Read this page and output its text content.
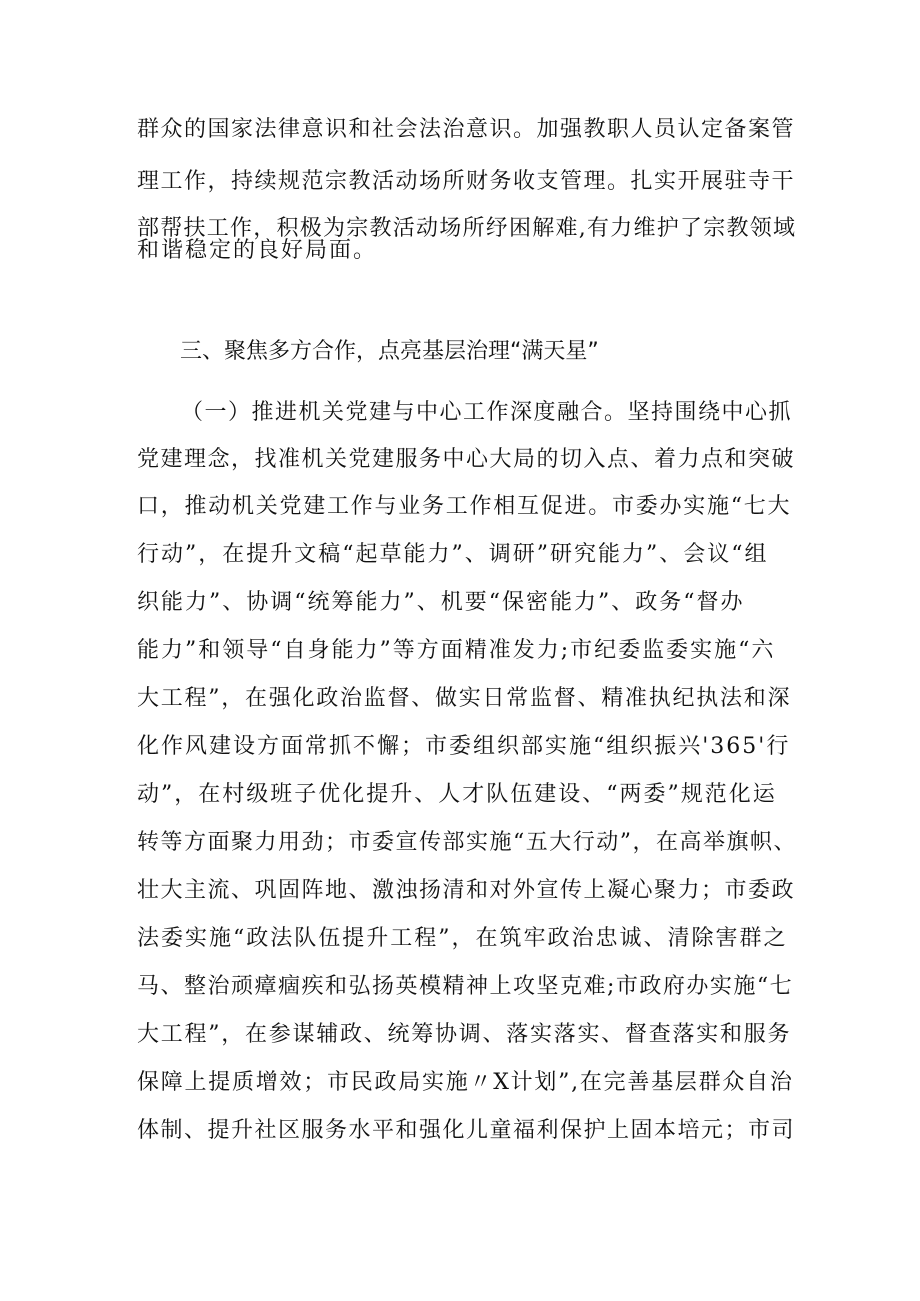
群众的国家法律意识和社会法治意识。加强教职人员认定备案管
理工作，持续规范宗教活动场所财务收支管理。扎实开展驻寺干
部帮扶工作，积极为宗教活动场所纾困解难,有力维护了宗教领域
和谐稳定的良好局面。
三、聚焦多方合作，点亮基层治理“满天星”
（一）推进机关党建与中心工作深度融合。坚持围绕中心抓
党建理念，找准机关党建服务中心大局的切入点、着力点和突破
口，推动机关党建工作与业务工作相互促进。市委办实施“七大
行动”，在提升文稿“起草能力”、调研”研究能力”、会议“组
织能力”、协调“统筹能力”、机要“保密能力”、政务“督办
能力”和领导“自身能力”等方面精准发力;市纪委监委实施“六
大工程”，在强化政治监督、做实日常监督、精准执纪执法和深
化作风建设方面常抓不懈；市委组织部实施“组织振兴'365'行
动”，在村级班子优化提升、人才队伍建设、“两委”规范化运
转等方面聚力用劲；市委宣传部实施“五大行动”，在高举旗帜、
壮大主流、巩固阵地、激浊扬清和对外宣传上凝心聚力；市委政
法委实施“政法队伍提升工程”，在筑牢政治忠诚、清除害群之
马、整治顽瘴痼疾和弘扬英模精神上攻坚克难;市政府办实施“七
大工程”，在参谋辅政、统筹协调、落实落实、督查落实和服务
保障上提质增效；市民政局实施〃X计划”,在完善基层群众自治
体制、提升社区服务水平和强化儿童福利保护上固本培元；市司
